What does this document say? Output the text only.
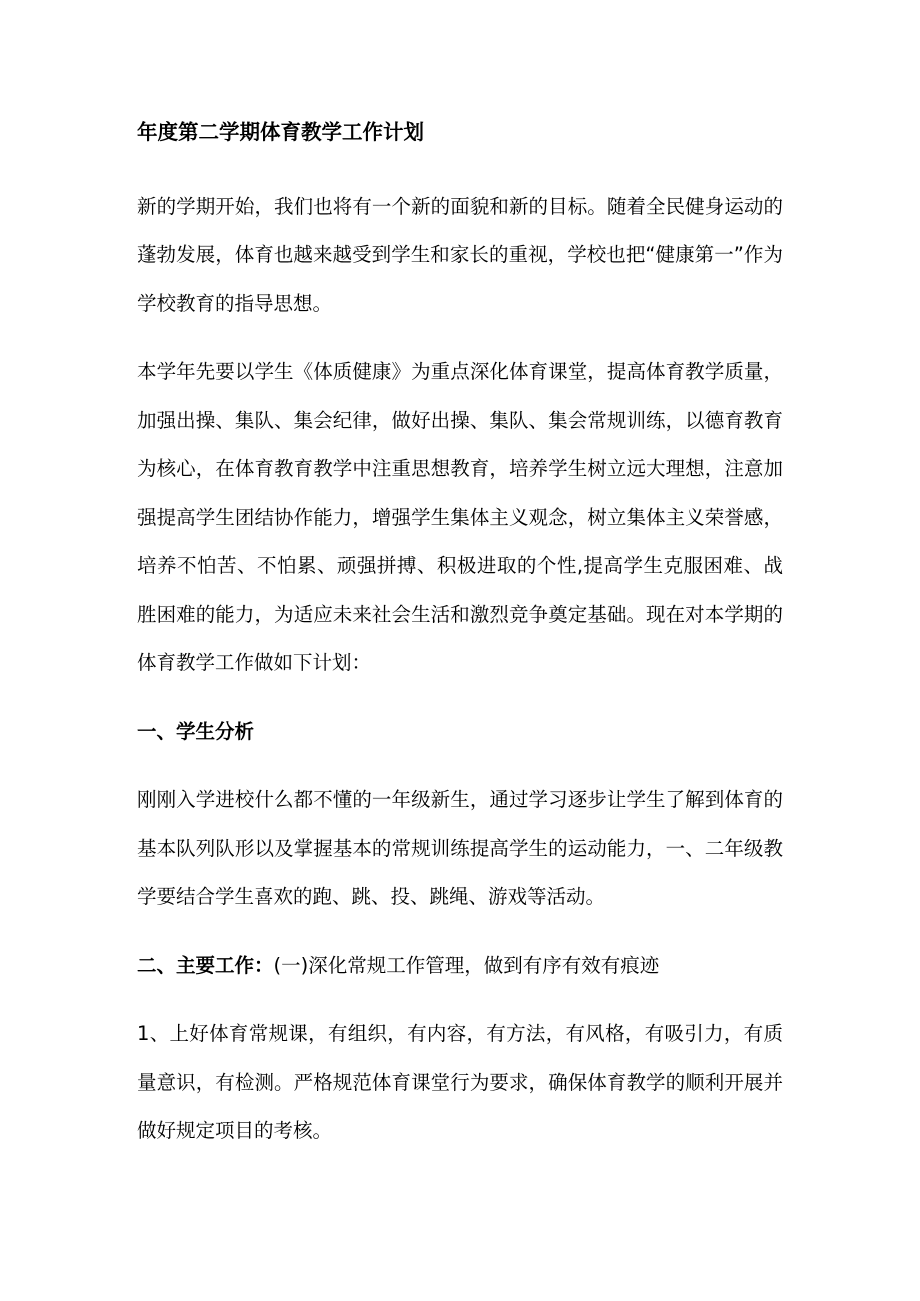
年度第二学期体育教学工作计划

新的学期开始，我们也将有一个新的面貌和新的目标。随着全民健身运动的蓬勃发展，体育也越来越受到学生和家长的重视，学校也把“健康第一”作为学校教育的指导思想。

本学年先要以学生《体质健康》为重点深化体育课堂，提高体育教学质量，加强出操、集队、集会纪律，做好出操、集队、集会常规训练，以德育教育为核心，在体育教育教学中注重思想教育，培养学生树立远大理想，注意加强提高学生团结协作能力，增强学生集体主义观念，树立集体主义荣誉感，培养不怕苦、不怕累、顽强拼搏、积极进取的个性,提高学生克服困难、战胜困难的能力，为适应未来社会生活和激烈竞争奠定基础。现在对本学期的体育教学工作做如下计划：

一、学生分析

刚刚入学进校什么都不懂的一年级新生，通过学习逐步让学生了解到体育的基本队列队形以及掌握基本的常规训练提高学生的运动能力，一、二年级教学要结合学生喜欢的跑、跳、投、跳绳、游戏等活动。

二、主要工作：(一)深化常规工作管理，做到有序有效有痕迹

1、上好体育常规课，有组织，有内容，有方法，有风格，有吸引力，有质量意识，有检测。严格规范体育课堂行为要求，确保体育教学的顺利开展并做好规定项目的考核。
